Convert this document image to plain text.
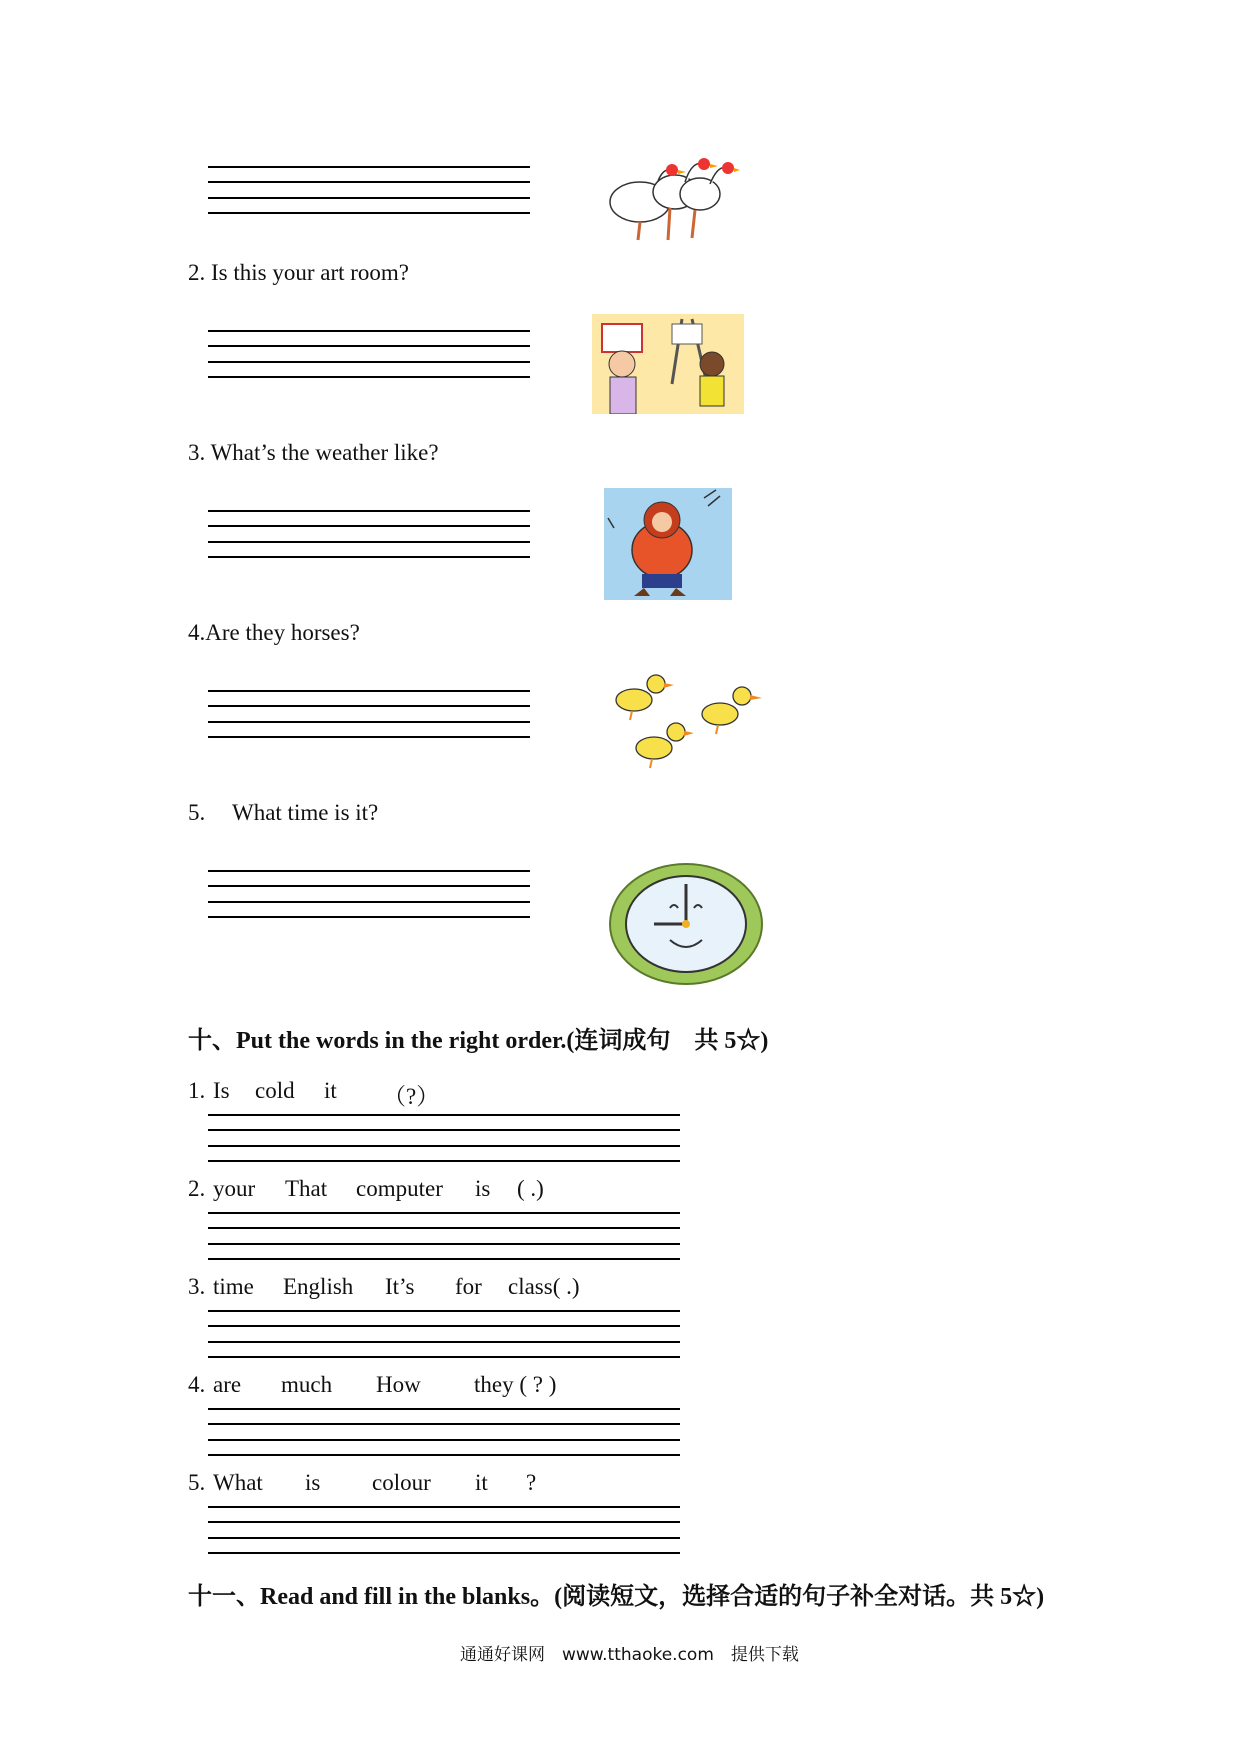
2. Is this your art room?
3. What’s the weather like?
4.Are they horses?
5. What time is it?
十、Put the words in the right order.(连词成句　共 5☆)
1. Is cold it （?）
2. your That computer is ( .)
3. time English It’s for class( .)
4. are much How they ( ? )
5. What is colour it ?
十一、Read and fill in the blanks。(阅读短文，选择合适的句子补全对话。共 5☆)
通通好课网　www.tthaoke.com　提供下载
